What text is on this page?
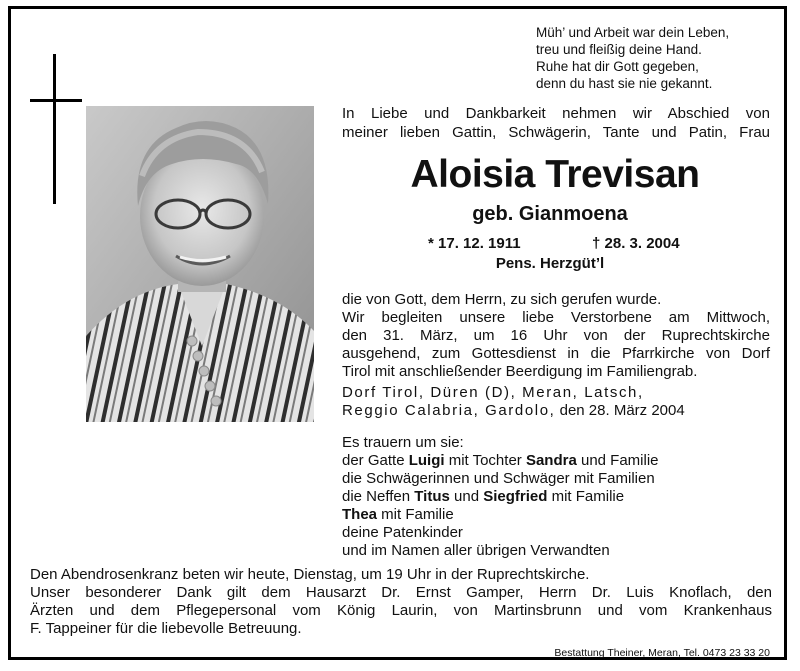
Müh’ und Arbeit war dein Leben,
treu und fleißig deine Hand.
Ruhe hat dir Gott gegeben,
denn du hast sie nie gekannt.
In Liebe und Dankbarkeit nehmen wir Abschied von
meiner lieben Gattin, Schwägerin, Tante und Patin, Frau
Aloisia Trevisan
geb. Gianmoena
* 17. 12. 1911	† 28. 3. 2004
Pens. Herzgüt’l
die von Gott, dem Herrn, zu sich gerufen wurde.
Wir begleiten unsere liebe Verstorbene am Mittwoch,
den 31. März, um 16 Uhr von der Ruprechtskirche
ausgehend, zum Gottesdienst in die Pfarrkirche von Dorf
Tirol mit anschließender Beerdigung im Familiengrab.
Dorf Tirol, Düren (D), Meran, Latsch,
Reggio Calabria, Gardolo, den 28. März 2004
Es trauern um sie:
der Gatte Luigi mit Tochter Sandra und Familie
die Schwägerinnen und Schwäger mit Familien
die Neffen Titus und Siegfried mit Familie
Thea mit Familie
deine Patenkinder
und im Namen aller übrigen Verwandten
Den Abendrosenkranz beten wir heute, Dienstag, um 19 Uhr in der Ruprechtskirche.
Unser besonderer Dank gilt dem Hausarzt Dr. Ernst Gamper, Herrn Dr. Luis Knoflach, den
Ärzten und dem Pflegepersonal vom König Laurin, von Martinsbrunn und vom Krankenhaus
F. Tappeiner für die liebevolle Betreuung.
Bestattung Theiner, Meran, Tel. 0473 23 33 20
